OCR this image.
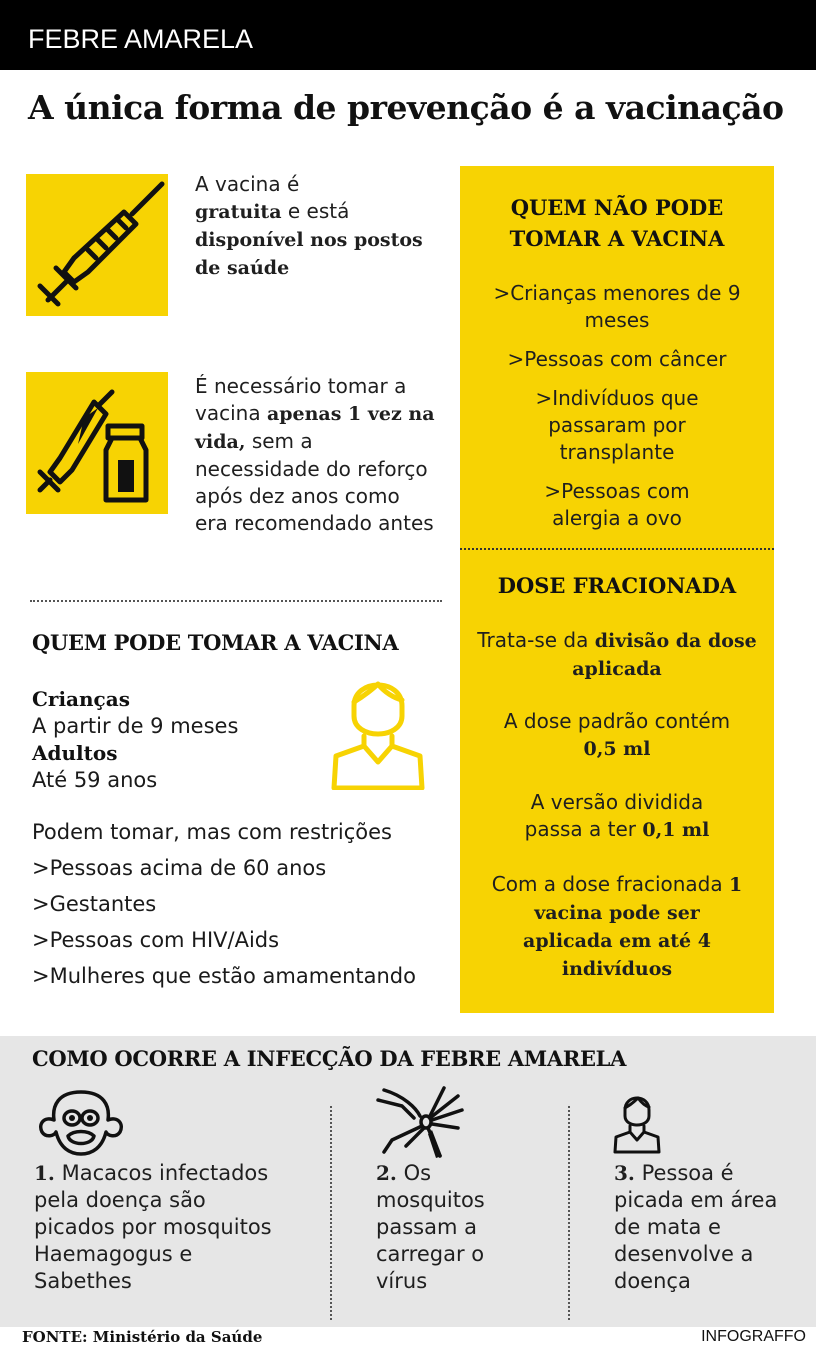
FEBRE AMARELA
A única forma de prevenção é a vacinação
A vacina é
gratuita e está
disponível nos postos de saúde
É necessário tomar a vacina apenas 1 vez na vida, sem a necessidade do reforço após dez anos como era recomendado antes
QUEM PODE TOMAR A VACINA
Crianças
A partir de 9 meses
Adultos
Até 59 anos
Podem tomar, mas com restrições
>Pessoas acima de 60 anos
>Gestantes
>Pessoas com HIV/Aids
>Mulheres que estão amamentando
QUEM NÃO PODE
TOMAR A VACINA
>Crianças menores de 9 meses
>Pessoas com câncer
>Indivíduos que passaram por transplante
>Pessoas com alergia a ovo
DOSE FRACIONADA
Trata-se da divisão da dose aplicada
A dose padrão contém
0,5 ml
A versão dividida passa a ter 0,1 ml
Com a dose fracionada 1 vacina pode ser aplicada em até 4 indivíduos
COMO OCORRE A INFECÇÃO DA FEBRE AMARELA
1. Macacos infectados pela doença são picados por mosquitos Haemagogus e Sabethes
2. Os mosquitos passam a carregar o vírus
3. Pessoa é picada em área de mata e desenvolve a doença
FONTE: Ministério da Saúde	INFOGRAFFO
